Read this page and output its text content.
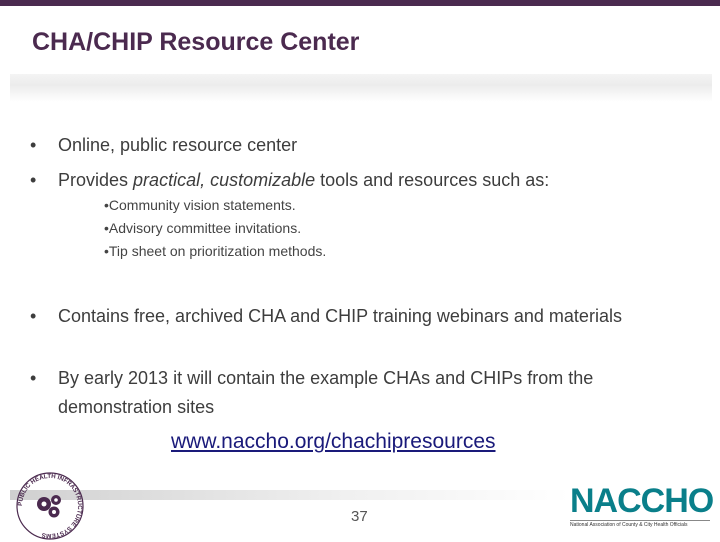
CHA/CHIP Resource Center
• Online, public resource center
• Provides practical, customizable tools and resources such as:
•Community vision statements.
•Advisory committee invitations.
•Tip sheet on prioritization methods.
• Contains free, archived CHA and CHIP training webinars and materials
• By early 2013 it will contain the example CHAs and CHIPs from the demonstration sites
www.naccho.org/chachipresources
37
PUBLIC HEALTH INFRASTRUCTURE SYSTEMS
NACCHO
National Association of County & City Health Officials
